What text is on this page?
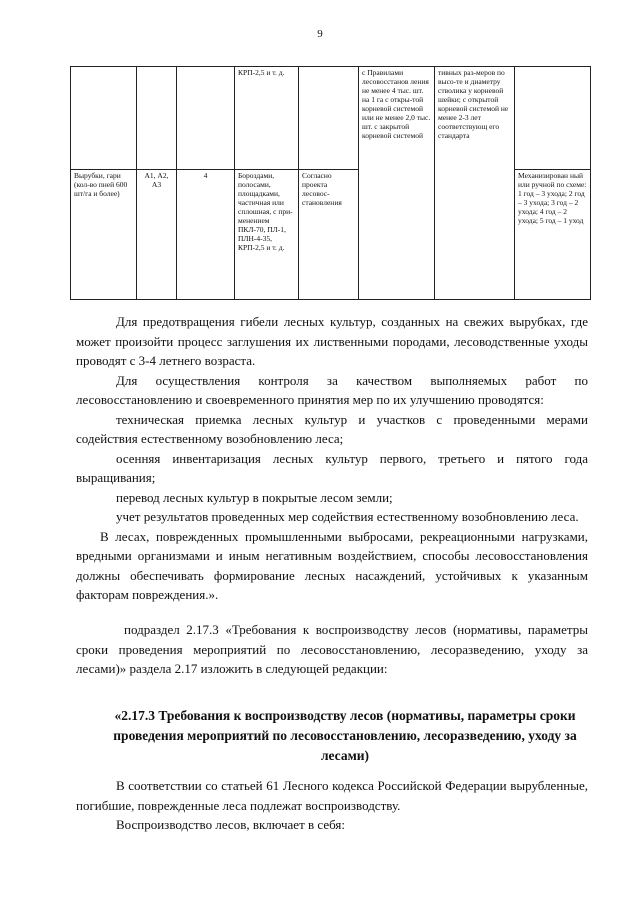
9
			КРП-2,5 и т. д.		с Правилами лесовосстанов ления не менее 4 тыс. шт. на 1 га с откры-той корневой системой или не менее 2,0 тыс. шт. с закрытой корневой системой	тивных раз-меров по высо-те и диаметру стволика у корневой шейки; с открытой корневой системой не менее 2-3 лет соответствующ его стандарта	
Вырубки, гари (кол-во пней 600 шт/га и более)	А1, А2, А3	4	Бороздами, полосами, площадками, частичная или сплошная, с при-менением ПКЛ-70, ПЛ-1, ПЛН-4-35, КРП-2,5 и т. д.	Согласно проекта лесовос-становления			Механизирован ный или ручной по схеме: 1 год – 3 ухода; 2 год – 3 ухода; 3 год – 2 ухода; 4 год – 2 ухода; 5 год – 1 уход

Для предотвращения гибели лесных культур, созданных на свежих вырубках, где может произойти процесс заглушения их лиственными породами, лесоводственные уходы проводят с 3-4 летнего возраста.

Для осуществления контроля за качеством выполняемых работ по лесовосстановлению и своевременного принятия мер по их улучшению проводятся:

техническая приемка лесных культур и участков с проведенными мерами содействия естественному возобновлению леса;

осенняя инвентаризация лесных культур первого, третьего и пятого года выращивания;

перевод лесных культур в покрытые лесом земли;

учет результатов проведенных мер содействия естественному возобновлению леса.

В лесах, поврежденных промышленными выбросами, рекреационными нагрузками, вредными организмами и иным негативным воздействием, способы лесовосстановления должны обеспечивать формирование лесных насаждений, устойчивых к указанным факторам повреждения.».

подраздел 2.17.3 «Требования к воспроизводству лесов (нормативы, параметры сроки проведения мероприятий по лесовосстановлению, лесоразведению, уходу за лесами)» раздела 2.17 изложить в следующей редакции:

«2.17.3 Требования к воспроизводству лесов (нормативы, параметры сроки проведения мероприятий по лесовосстановлению, лесоразведению, уходу за лесами)

В соответствии со статьей 61 Лесного кодекса Российской Федерации вырубленные, погибшие, поврежденные леса подлежат воспроизводству.

Воспроизводство лесов, включает в себя:
